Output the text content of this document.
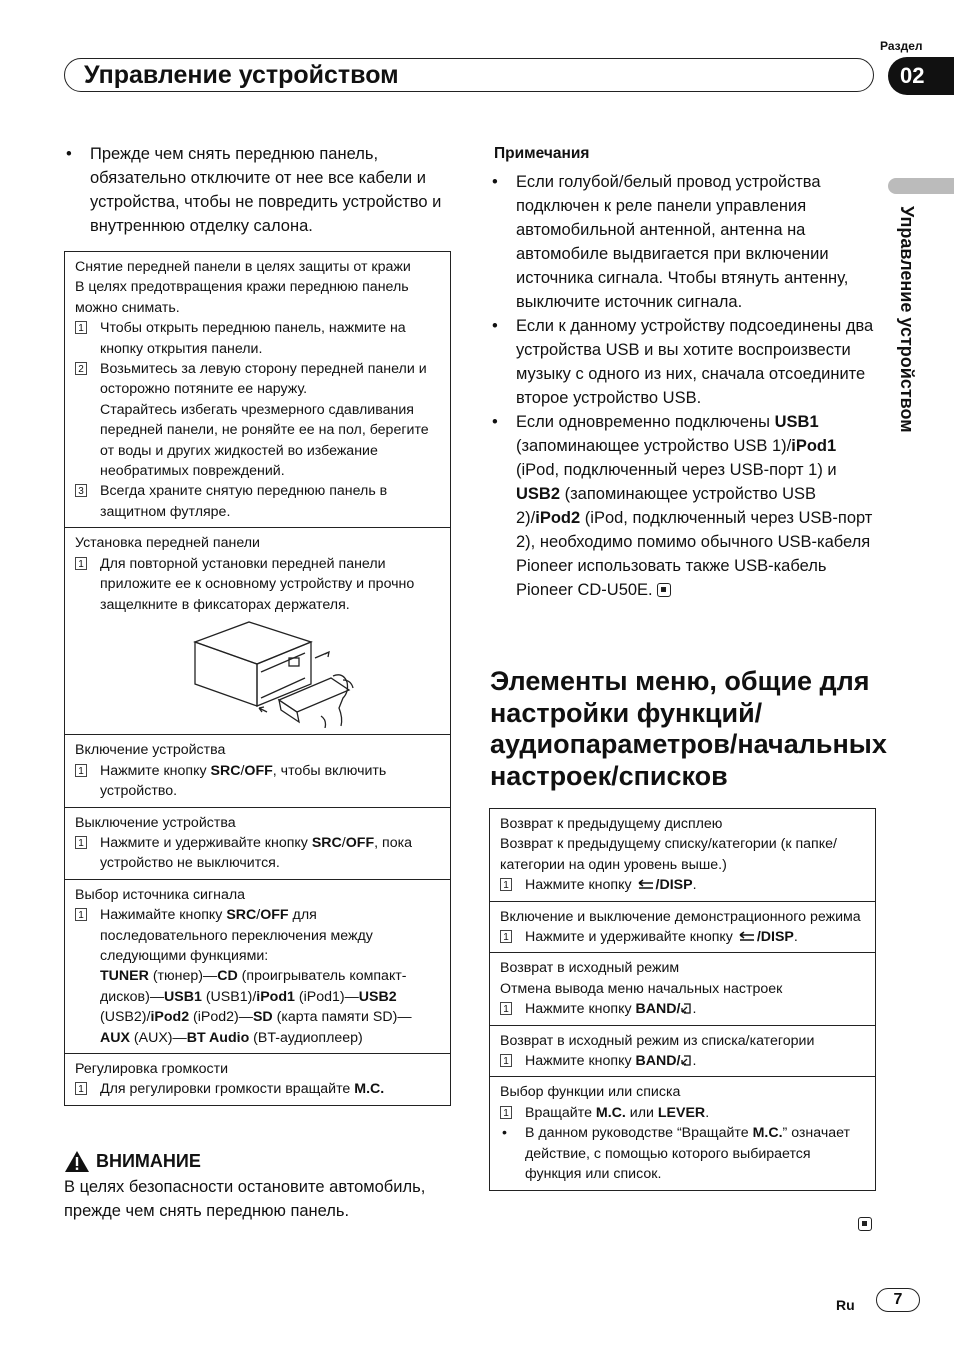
Управление устройством
Раздел
02
Управление устройством
• Прежде чем снять переднюю панель, обязательно отключите от нее все кабели и устройства, чтобы не повредить устройство и внутреннюю отделку салона.
Снятие передней панели в целях защиты от кражи
В целях предотвращения кражи переднюю панель можно снимать.
1 Чтобы открыть переднюю панель, нажмите на кнопку открытия панели.
2 Возьмитесь за левую сторону передней панели и осторожно потяните ее наружу.
Старайтесь избегать чрезмерного сдавливания передней панели, не роняйте ее на пол, берегите от воды и других жидкостей во избежание необратимых повреждений.
3 Всегда храните снятую переднюю панель в защитном футляре.
Установка передней панели
1 Для повторной установки передней панели приложите ее к основному устройству и прочно защелкните в фиксаторах держателя.
Включение устройства
1 Нажмите кнопку SRC/OFF, чтобы включить устройство.
Выключение устройства
1 Нажмите и удерживайте кнопку SRC/OFF, пока устройство не выключится.
Выбор источника сигнала
1 Нажимайте кнопку SRC/OFF для последовательного переключения между следующими функциями:
TUNER (тюнер)—CD (проигрыватель компакт-дисков)—USB1 (USB1)/iPod1 (iPod1)—USB2 (USB2)/iPod2 (iPod2)—SD (карта памяти SD)—AUX (AUX)—BT Audio (BT-аудиоплеер)
Регулировка громкости
1 Для регулировки громкости вращайте M.C.
ВНИМАНИЕ
В целях безопасности остановите автомобиль, прежде чем снять переднюю панель.
Примечания
• Если голубой/белый провод устройства подключен к реле панели управления автомобильной антенной, антенна на автомобиле выдвигается при включении источника сигнала. Чтобы втянуть антенну, выключите источник сигнала.
• Если к данному устройству подсоединены два устройства USB и вы хотите воспроизвести музыку с одного из них, сначала отсоедините второе устройство USB.
• Если одновременно подключены USB1 (запоминающее устройство USB 1)/iPod1 (iPod, подключенный через USB-порт 1) и USB2 (запоминающее устройство USB 2)/iPod2 (iPod, подключенный через USB-порт 2), необходимо помимо обычного USB-кабеля Pioneer использовать также USB-кабель Pioneer CD-U50E.
Элементы меню, общие для настройки функций/аудиопараметров/начальных настроек/списков
Возврат к предыдущему дисплею
Возврат к предыдущему списку/категории (к папке/категории на один уровень выше.)
1 Нажмите кнопку /DISP.
Включение и выключение демонстрационного режима
1 Нажмите и удерживайте кнопку /DISP.
Возврат в исходный режим
Отмена вывода меню начальных настроек
1 Нажмите кнопку BAND/ .
Возврат в исходный режим из списка/категории
1 Нажмите кнопку BAND/ .
Выбор функции или списка
1 Вращайте M.C. или LEVER.
• В данном руководстве “Вращайте M.C.” означает действие, с помощью которого выбирается функция или список.
Ru	7
